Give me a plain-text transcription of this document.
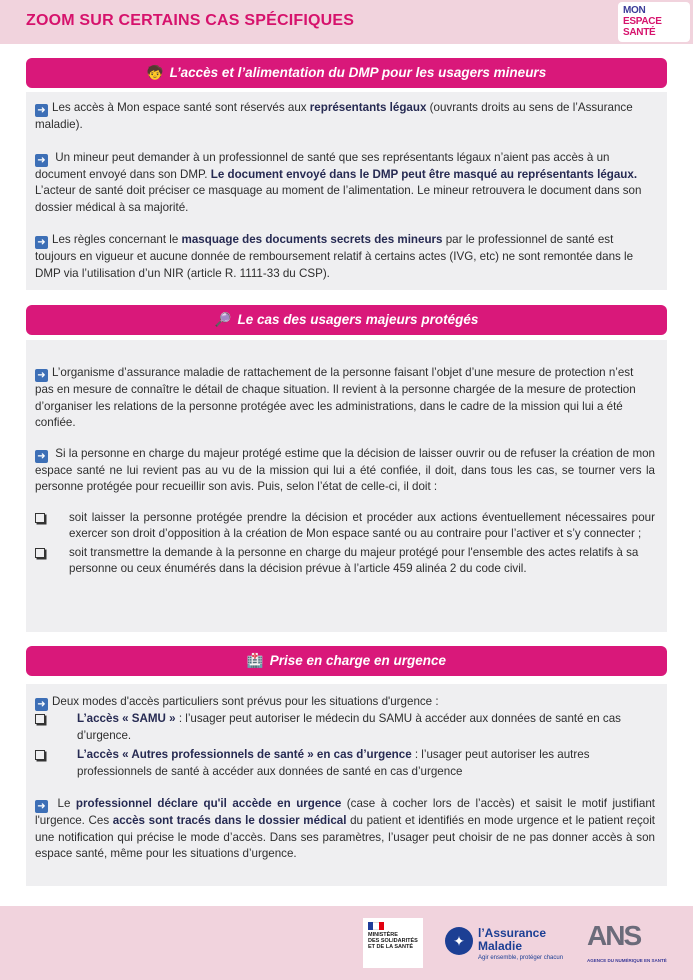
ZOOM SUR CERTAINS CAS SPÉCIFIQUES
MON
ESPACE
SANTÉ
🧒 L’accès et l’alimentation du DMP pour les usagers mineurs

➜ Les accès à Mon espace santé sont réservés aux représentants légaux (ouvrants droits au sens de l’Assurance maladie).

➜ Un mineur peut demander à un professionnel de santé que ses représentants légaux n’aient pas accès à un document envoyé dans son DMP. Le document envoyé dans le DMP peut être masqué au représentants légaux. L’acteur de santé doit préciser ce masquage au moment de l’alimentation. Le mineur retrouvera le document dans son dossier médical à sa majorité.

➜ Les règles concernant le masquage des documents secrets des mineurs par le professionnel de santé est toujours en vigueur et aucune donnée de remboursement relatif à certains actes (IVG, etc) ne sont remontée dans le DMP via l’utilisation d’un NIR (article R. 1111-33 du CSP).

🔎 Le cas des usagers majeurs protégés

➜ L’organisme d’assurance maladie de rattachement de la personne faisant l’objet d’une mesure de protection n’est pas en mesure de connaître le détail de chaque situation. Il revient à la personne chargée de la mesure de protection d’organiser les relations de la personne protégée avec les administrations, dans le cadre de la mission qui lui a été confiée.

➜ Si la personne en charge du majeur protégé estime que la décision de laisser ouvrir ou de refuser la création de mon espace santé ne lui revient pas au vu de la mission qui lui a été confiée, il doit, dans tous les cas, se tourner vers la personne protégée pour recueillir son avis. Puis, selon l’état de celle-ci, il doit :

soit laisser la personne protégée prendre la décision et procéder aux actions éventuellement nécessaires pour exercer son droit d’opposition à la création de Mon espace santé ou au contraire pour l’activer et s’y connecter ;
soit transmettre la demande à la personne en charge du majeur protégé pour l'ensemble des actes relatifs à sa personne ou ceux énumérés dans la décision prévue à l’article 459 alinéa 2 du code civil.
🏥 Prise en charge en urgence

➜ Deux modes d'accès particuliers sont prévus pour les situations d'urgence :

L’accès « SAMU » : l’usager peut autoriser le médecin du SAMU à accéder aux données de santé en cas d’urgence.
L’accès « Autres professionnels de santé » en cas d’urgence : l’usager peut autoriser les autres professionnels de santé à accéder aux données de santé en cas d’urgence

➜ Le professionnel déclare qu'il accède en urgence (case à cocher lors de l’accès) et saisit le motif justifiant l'urgence. Ces accès sont tracés dans le dossier médical du patient et identifiés en mode urgence et le patient reçoit une notification qui précise le mode d’accès. Dans ses paramètres, l’usager peut choisir de ne pas donner accès à son espace santé, même pour les situations d’urgence.

MINISTÈRE
DES SOLIDARITÉS
ET DE LA SANTÉ	✦	l’Assurance
Maladie
Agir ensemble, protéger chacun
ANS
AGENCE DU NUMÉRIQUE EN SANTÉ
